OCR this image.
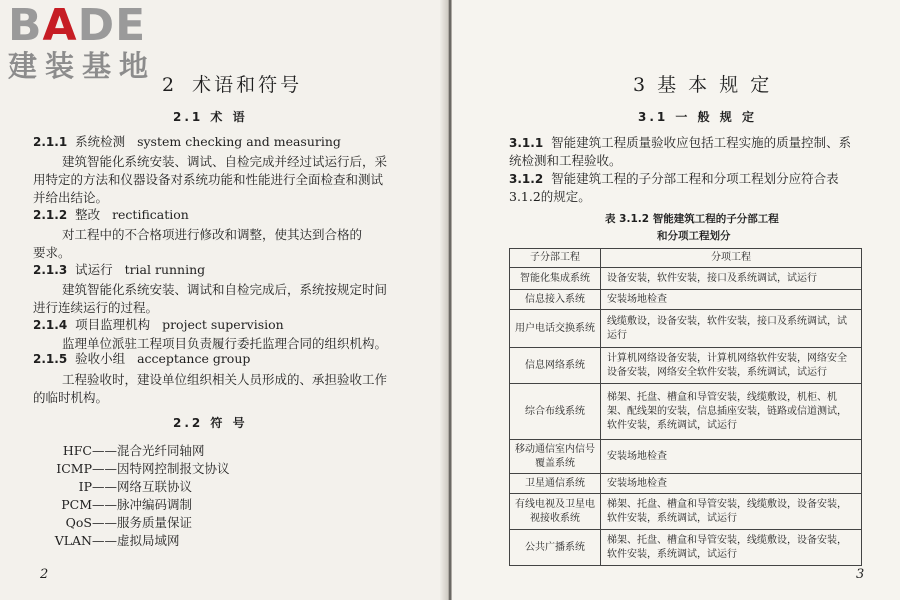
BADE
建装基地
2 术语和符号
2.1 术 语
2.1.1 系统检测 system checking and measuring
建筑智能化系统安装、调试、自检完成并经过试运行后，采
用特定的方法和仪器设备对系统功能和性能进行全面检查和测试
并给出结论。
2.1.2 整改 rectification
对工程中的不合格项进行修改和调整，使其达到合格的
要求。
2.1.3 试运行 trial running
建筑智能化系统安装、调试和自检完成后，系统按规定时间
进行连续运行的过程。
2.1.4 项目监理机构 project supervision
监理单位派驻工程项目负责履行委托监理合同的组织机构。
2.1.5 验收小组 acceptance group
工程验收时，建设单位组织相关人员形成的、承担验收工作
的临时机构。
2.2 符 号
HFC——混合光纤同轴网
ICMP——因特网控制报文协议
IP——网络互联协议
PCM——脉冲编码调制
QoS——服务质量保证
VLAN——虚拟局域网
2
3 基 本 规 定
3.1 一 般 规 定
3.1.1 智能建筑工程质量验收应包括工程实施的质量控制、系
统检测和工程验收。
3.1.2 智能建筑工程的子分部工程和分项工程划分应符合表
3.1.2的规定。
表 3.1.2 智能建筑工程的子分部工程
和分项工程划分
子分部工程	分项工程
智能化集成系统	设备安装，软件安装，接口及系统调试，试运行
信息接入系统	安装场地检查
用户电话交换系统	线缆敷设，设备安装，软件安装，接口及系统调试，试运行
信息网络系统	计算机网络设备安装，计算机网络软件安装，网络安全设备安装，网络安全软件安装，系统调试，试运行
综合布线系统	梯架、托盘、槽盒和导管安装，线缆敷设，机柜、机架、配线架的安装，信息插座安装，链路或信道测试，软件安装，系统调试，试运行
移动通信室内信号覆盖系统	安装场地检查
卫星通信系统	安装场地检查
有线电视及卫星电视接收系统	梯架、托盘、槽盒和导管安装，线缆敷设，设备安装，软件安装，系统调试，试运行
公共广播系统	梯架、托盘、槽盒和导管安装，线缆敷设，设备安装，软件安装，系统调试，试运行
3
